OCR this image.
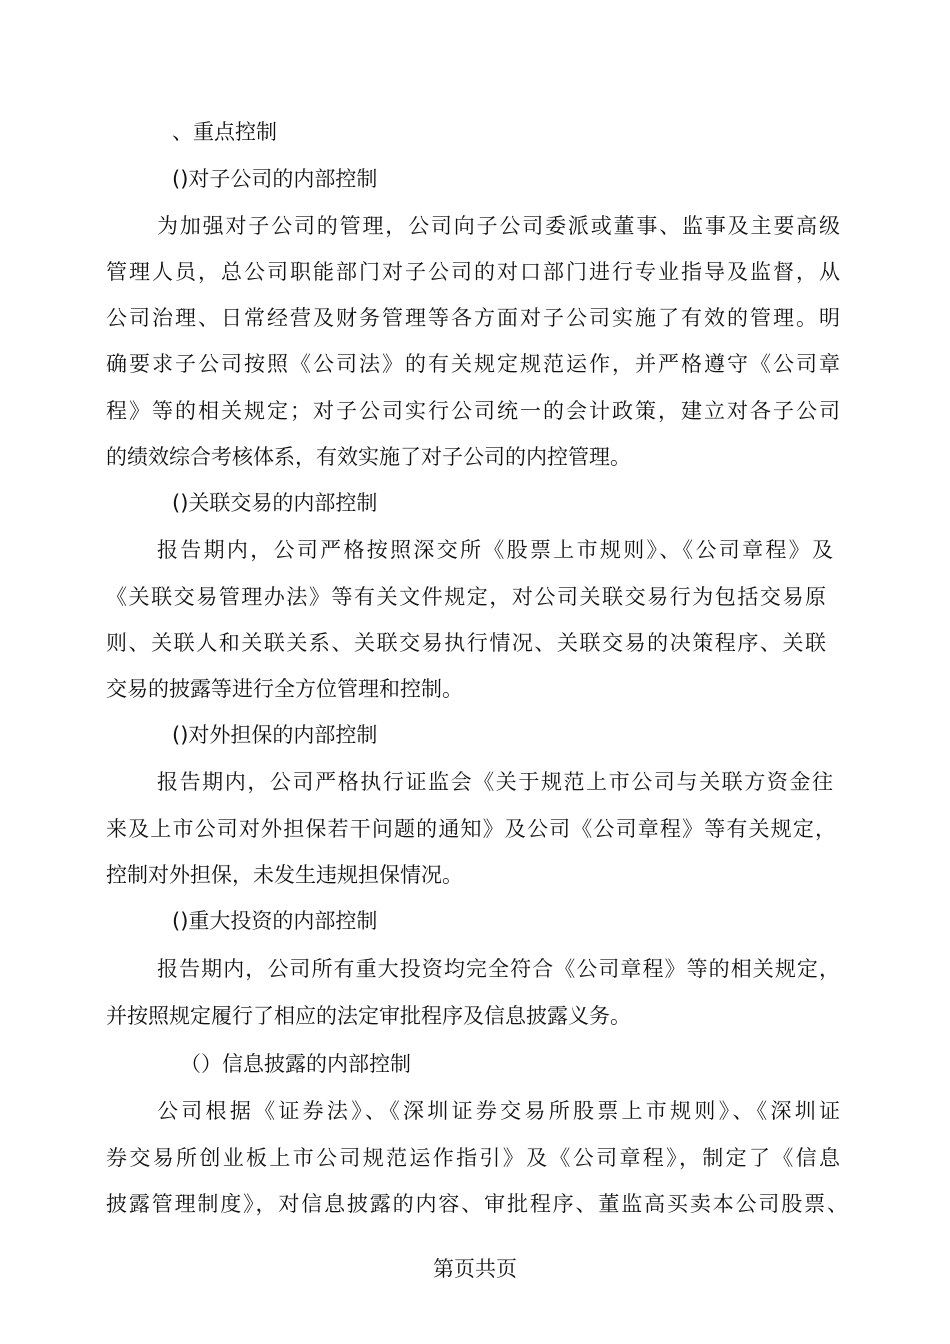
、重点控制
()对子公司的内部控制
为加强对子公司的管理，公司向子公司委派或董事、监事及主要高级
管理人员，总公司职能部门对子公司的对口部门进行专业指导及监督，从
公司治理、日常经营及财务管理等各方面对子公司实施了有效的管理。明
确要求子公司按照《公司法》的有关规定规范运作，并严格遵守《公司章
程》等的相关规定；对子公司实行公司统一的会计政策，建立对各子公司
的绩效综合考核体系，有效实施了对子公司的内控管理。
()关联交易的内部控制
报告期内，公司严格按照深交所《股票上市规则》、《公司章程》及
《关联交易管理办法》等有关文件规定，对公司关联交易行为包括交易原
则、关联人和关联关系、关联交易执行情况、关联交易的决策程序、关联
交易的披露等进行全方位管理和控制。
()对外担保的内部控制
报告期内，公司严格执行证监会《关于规范上市公司与关联方资金往
来及上市公司对外担保若干问题的通知》及公司《公司章程》等有关规定，
控制对外担保，未发生违规担保情况。
()重大投资的内部控制
报告期内，公司所有重大投资均完全符合《公司章程》等的相关规定，
并按照规定履行了相应的法定审批程序及信息披露义务。
（）信息披露的内部控制
公司根据《证券法》、《深圳证券交易所股票上市规则》、《深圳证
券交易所创业板上市公司规范运作指引》及《公司章程》，制定了《信息
披露管理制度》，对信息披露的内容、审批程序、董监高买卖本公司股票、
第页共页
